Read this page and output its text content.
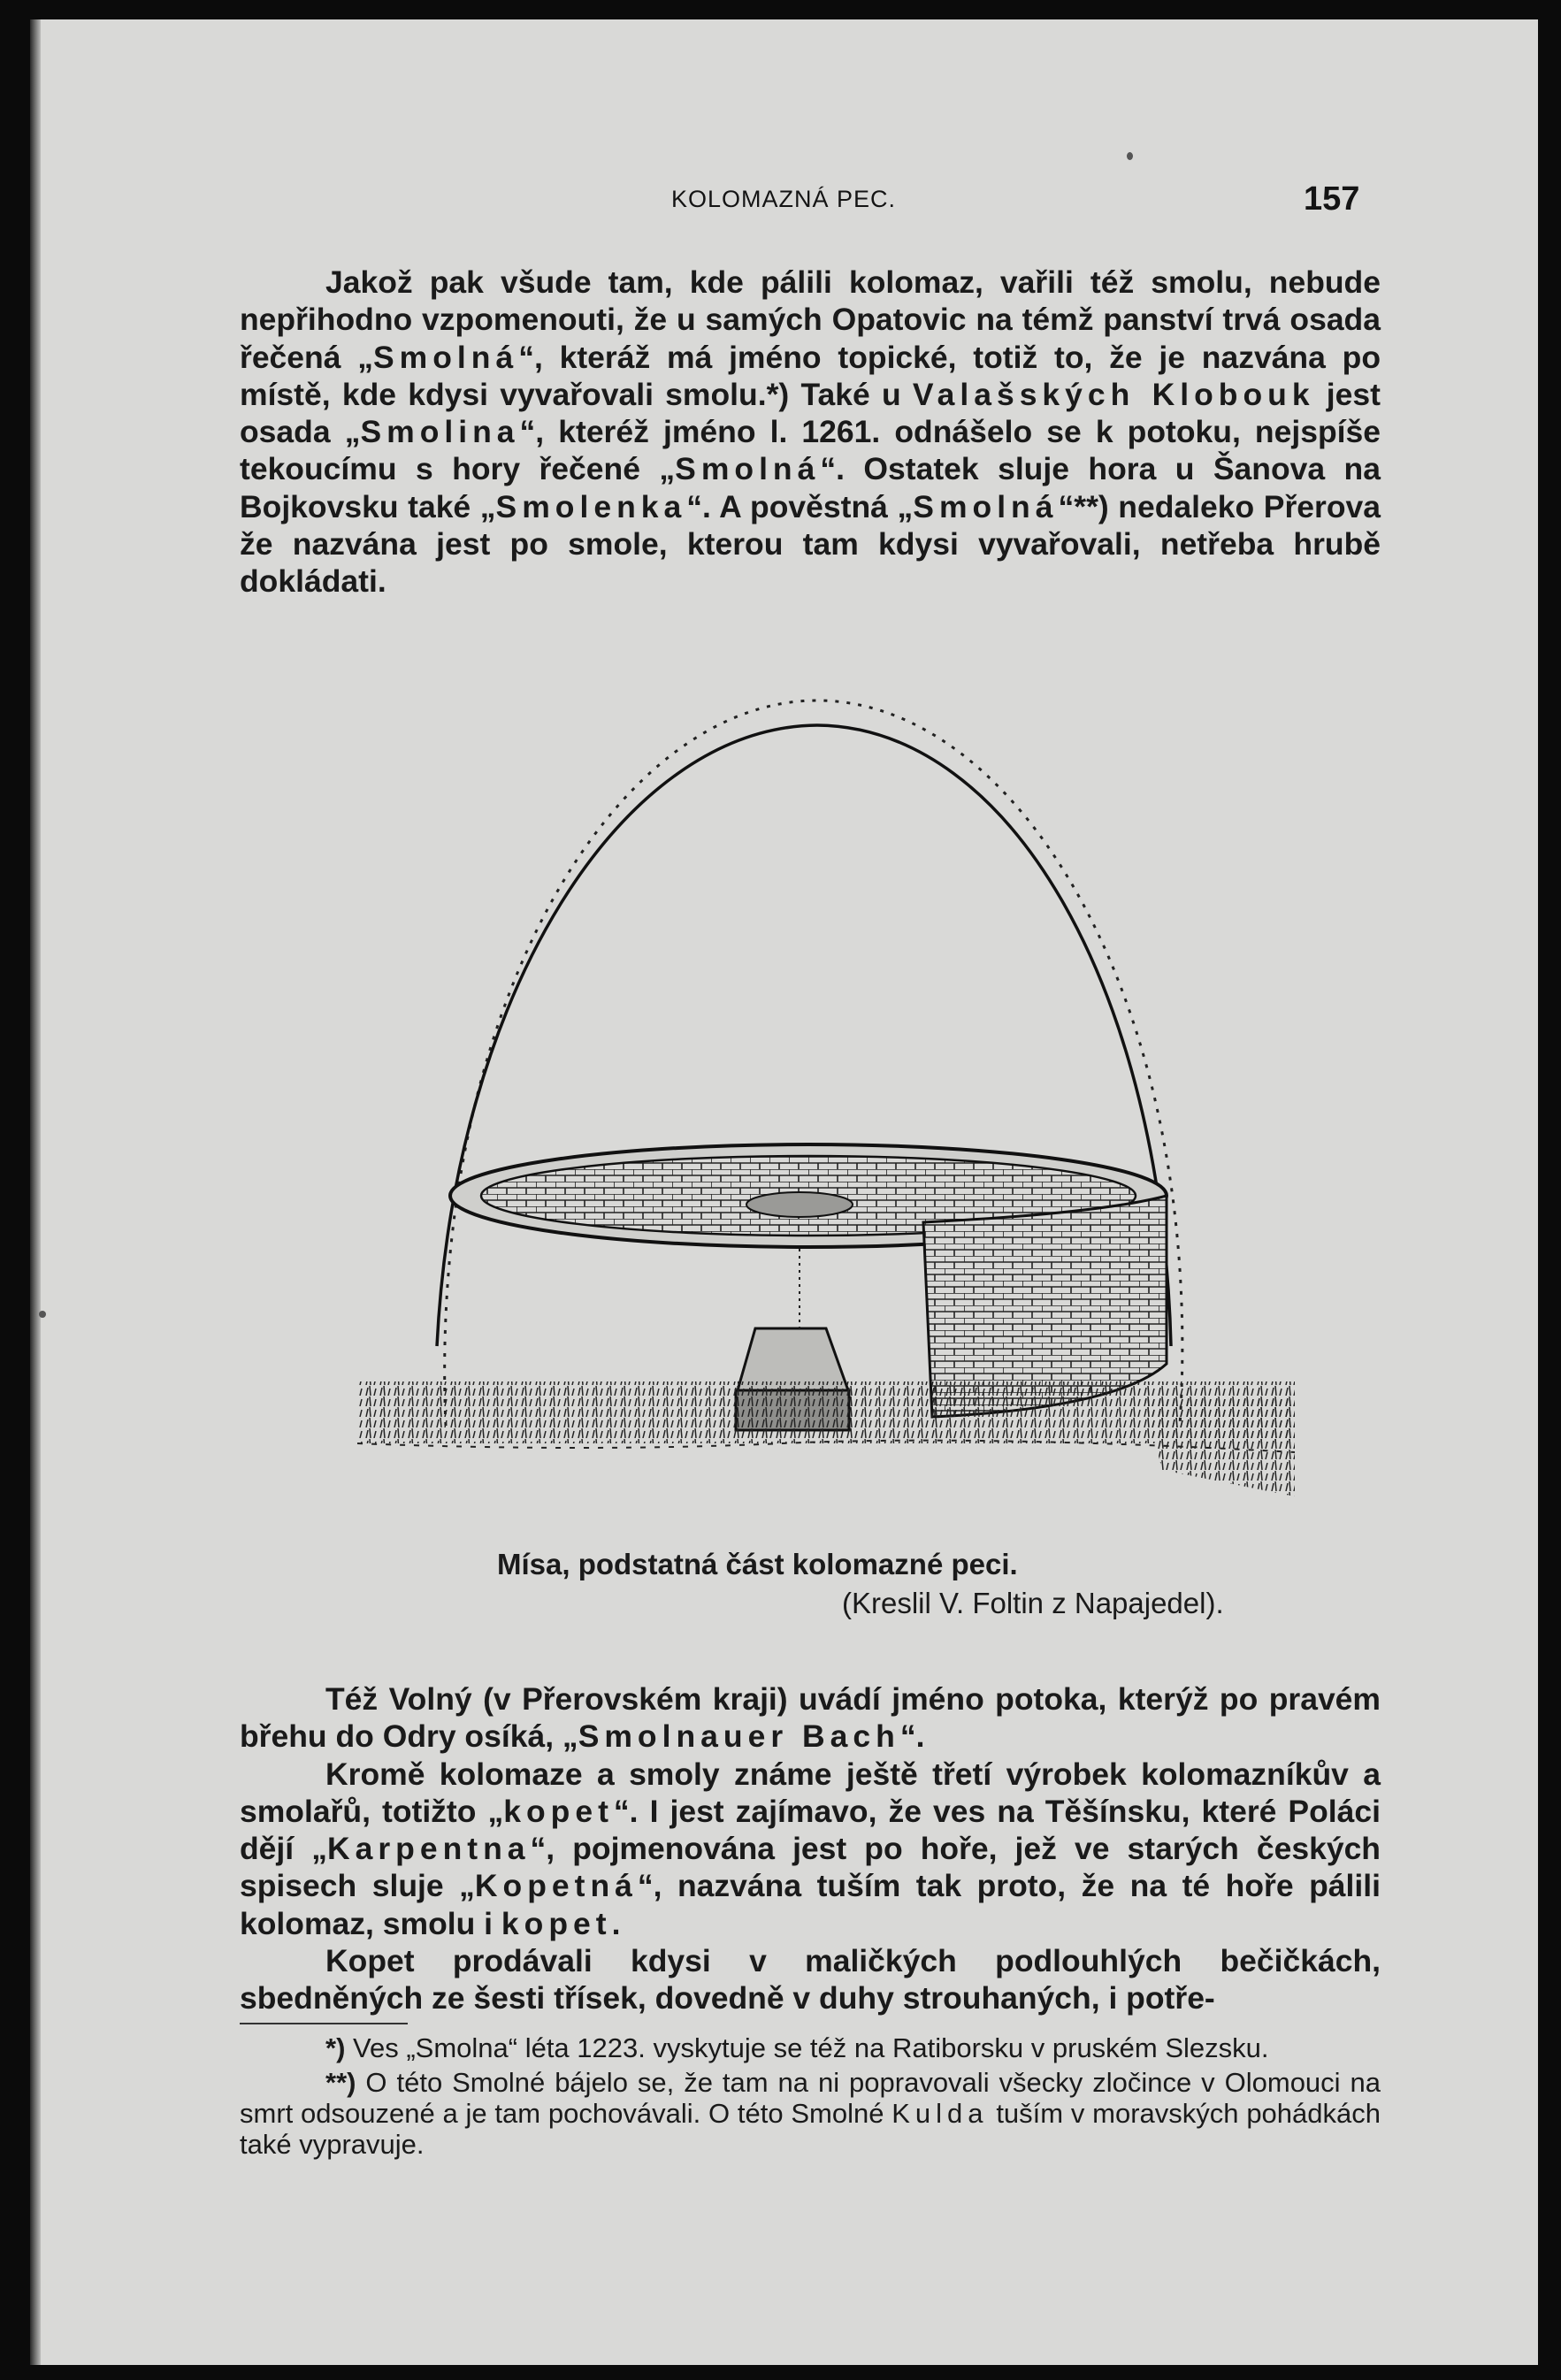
KOLOMAZNÁ PEC.	157

Jakož pak všude tam, kde pálili kolomaz, vařili též smolu, nebude nepřihodno vzpomenouti, že u samých Opatovic na témž panství trvá osada řečená „Smolná“, kteráž má jméno topické, totiž to, že je nazvána po místě, kde kdysi vyvařovali smolu.*) Také u Valašských Klobouk jest osada „Smolina“, kteréž jméno l. 1261. odnášelo se k potoku, nejspíše tekoucímu s hory řečené „Smolná“. Ostatek sluje hora u Šanova na Bojkovsku také „Smolenka“. A pověstná „Smolná“**) nedaleko Přerova že nazvána jest po smole, kterou tam kdysi vyvařovali, netřeba hrubě dokládati.

Mísa, podstatná část kolomazné peci.
(Kreslil V. Foltin z Napajedel).

Též Volný (v Přerovském kraji) uvádí jméno potoka, kterýž po pravém břehu do Odry osíká, „Smolnauer Bach“.

Kromě kolomaze a smoly známe ještě třetí výrobek kolomazníkův a smolařů, totižto „kopet“. I jest zajímavo, že ves na Těšínsku, které Poláci dějí „Karpentna“, pojmenována jest po hoře, jež ve starých českých spisech sluje „Kopetná“, nazvána tuším tak proto, že na té hoře pálili kolomaz, smolu i kopet.

Kopet prodávali kdysi v maličkých podlouhlých bečičkách, sbedněných ze šesti třísek, dovedně v duhy strouhaných, i potře-

*) Ves „Smolna“ léta 1223. vyskytuje se též na Ratiborsku v pruském Slezsku.

**) O této Smolné bájelo se, že tam na ni popravovali všecky zločince v Olomouci na smrt odsouzené a je tam pochovávali. O této Smolné Kulda tuším v moravských pohádkách také vypravuje.
